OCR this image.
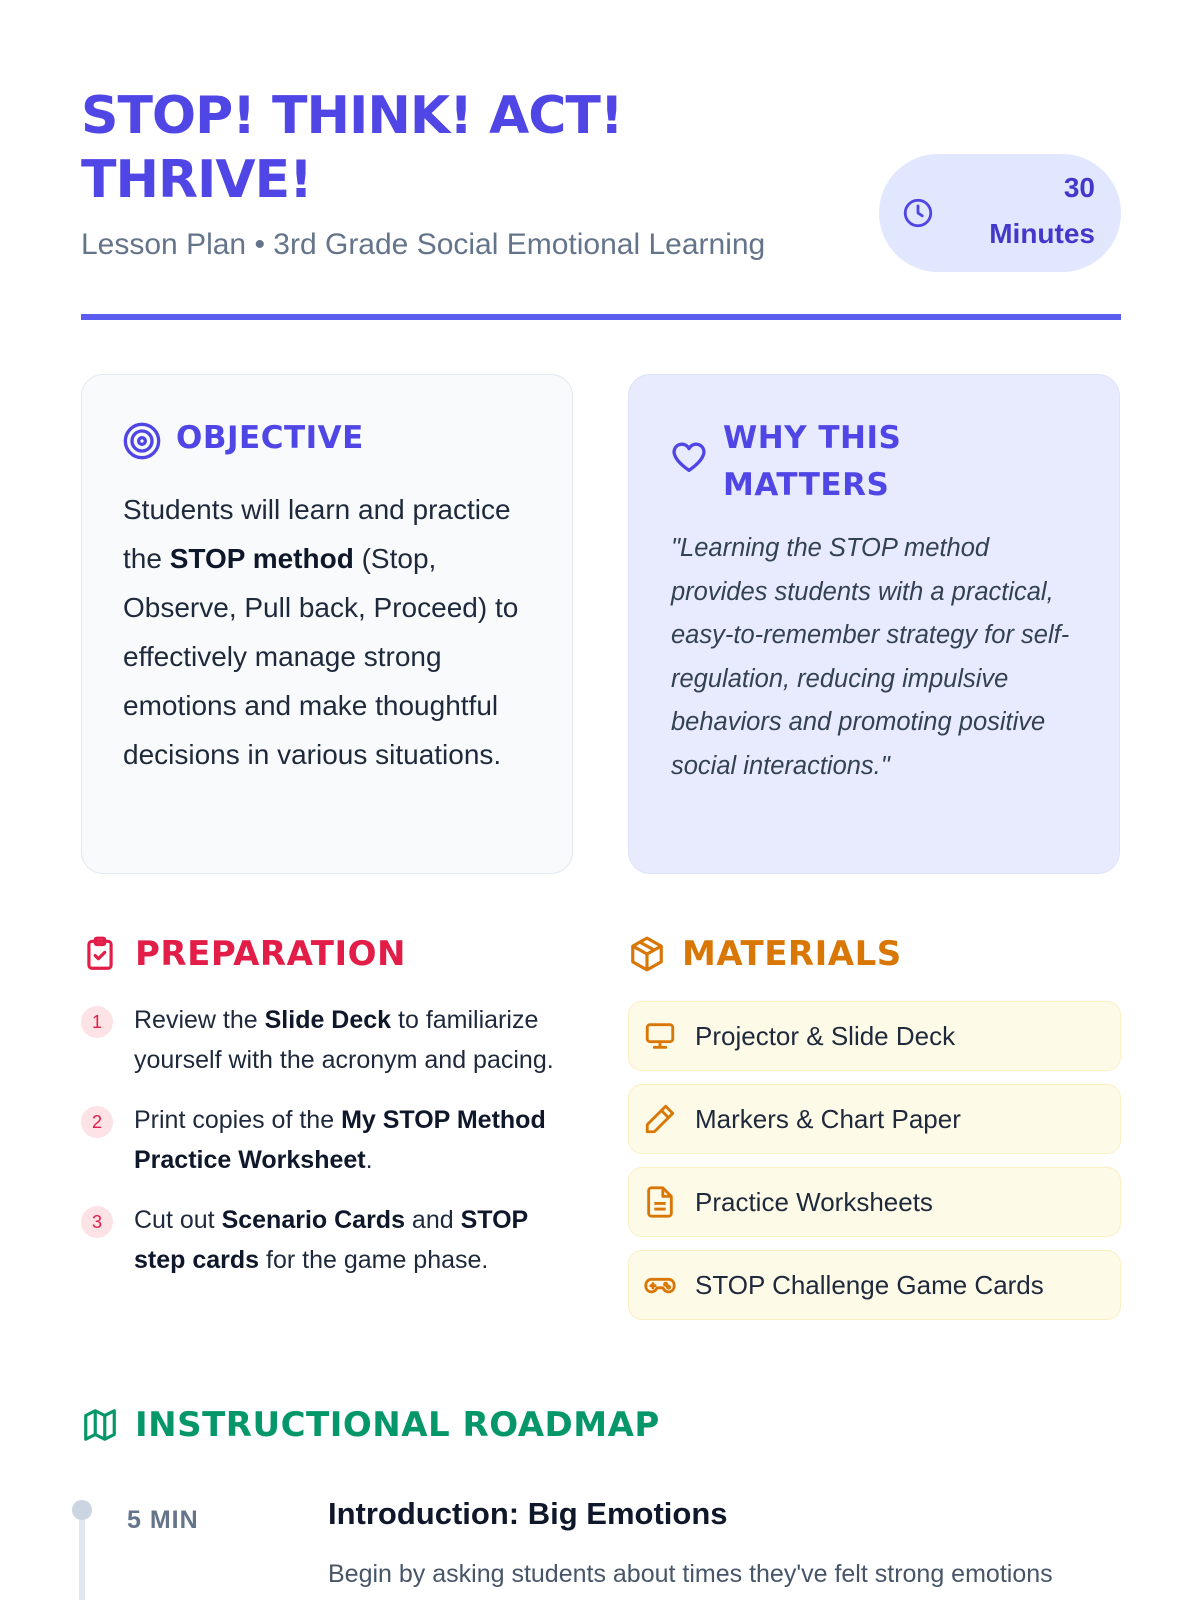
STOP! THINK! ACT! THRIVE!
Lesson Plan • 3rd Grade Social Emotional Learning
30
Minutes
OBJECTIVE

Students will learn and practice the STOP method (Stop, Observe, Pull back, Proceed) to effectively manage strong emotions and make thoughtful decisions in various situations.

WHY THIS MATTERS

"Learning the STOP method provides students with a practical, easy-to-remember strategy for self-regulation, reducing impulsive behaviors and promoting positive social interactions."

PREPARATION
1	Review the Slide Deck to familiarize yourself with the acronym and pacing.
2	Print copies of the My STOP Method Practice Worksheet.
3	Cut out Scenario Cards and STOP step cards for the game phase.
MATERIALS
Projector & Slide Deck
Markers & Chart Paper
Practice Worksheets
STOP Challenge Game Cards
INSTRUCTIONAL ROADMAP
5 MIN	Introduction: Big Emotions
Begin by asking students about times they've felt strong emotions
